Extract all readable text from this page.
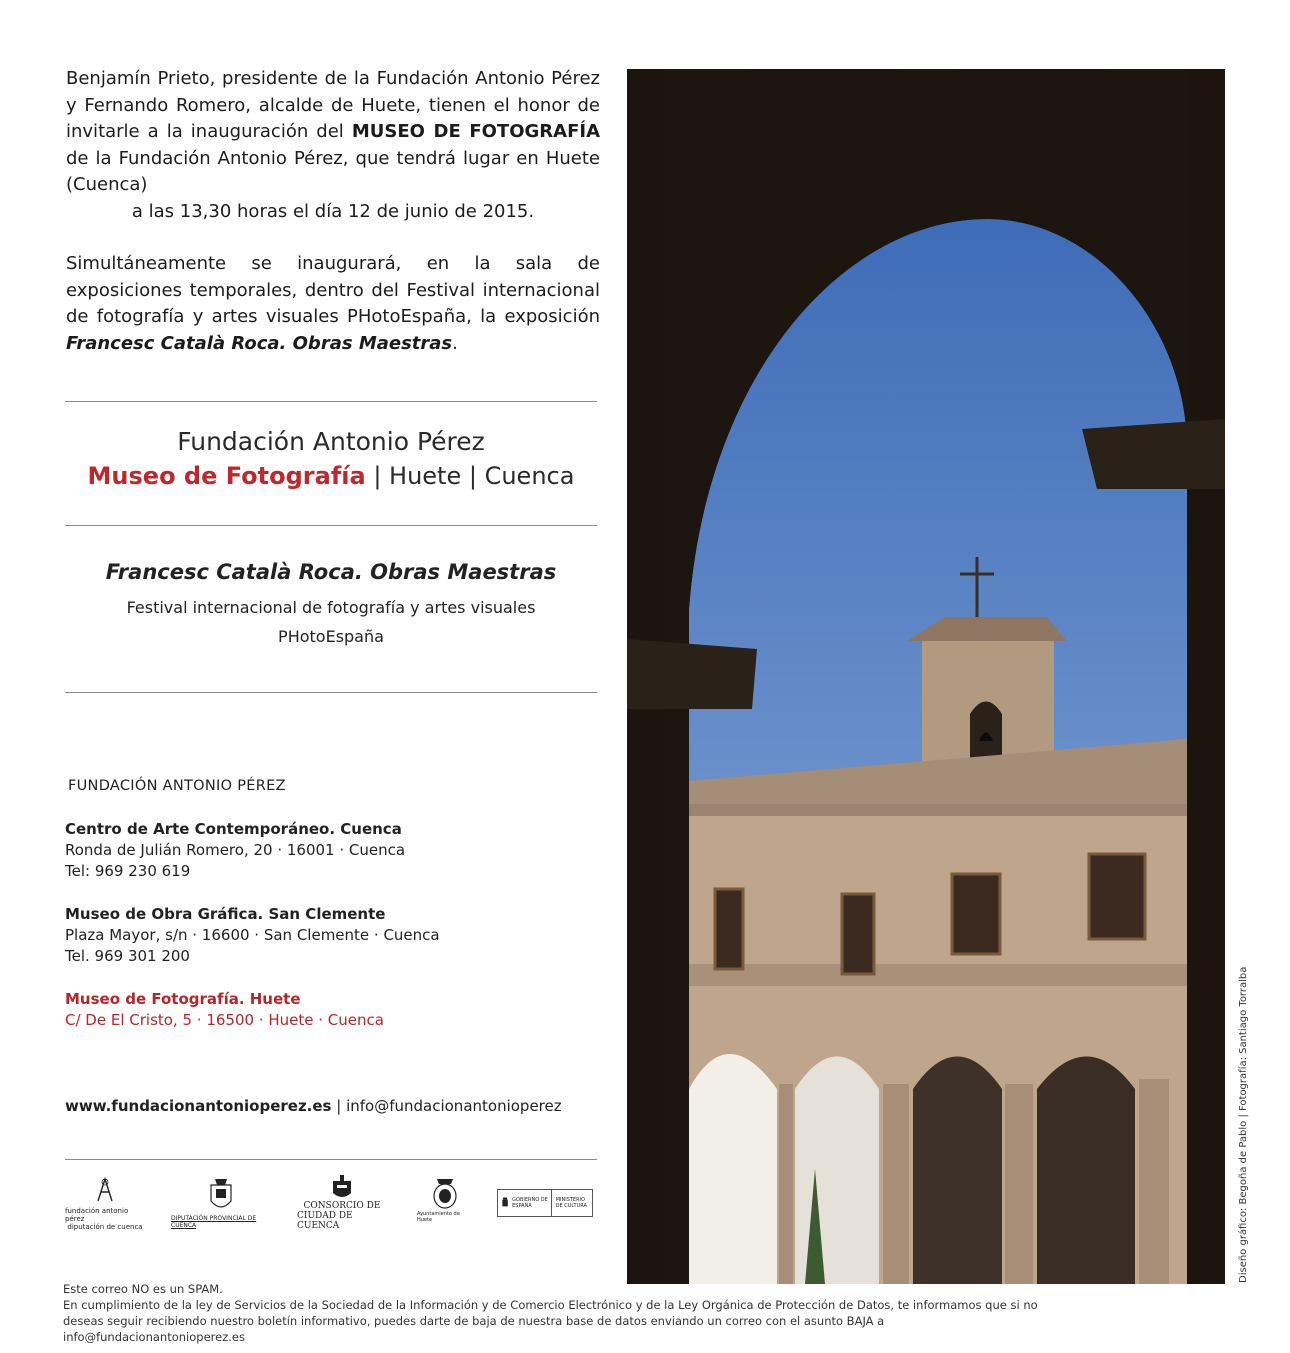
Benjamín Prieto, presidente de la Fundación Antonio Pérez y Fernando Romero, alcalde de Huete, tienen el honor de invitarle a la inauguración del MUSEO DE FOTOGRAFÍA de la Fundación Antonio Pérez, que tendrá lugar en Huete (Cuenca)
a las 13,30 horas el día 12 de junio de 2015.

Simultáneamente se inaugurará, en la sala de exposiciones temporales, dentro del Festival internacional de fotografía y artes visuales PHotoEspaña, la exposición Francesc Català Roca. Obras Maestras.

Fundación Antonio Pérez
Museo de Fotografía | Huete | Cuenca
Francesc Català Roca. Obras Maestras
Festival internacional de fotografía y artes visuales
PHotoEspaña
FUNDACIÓN ANTONIO PÉREZ
Centro de Arte Contemporáneo. Cuenca
Ronda de Julián Romero, 20 · 16001 · Cuenca
Tel: 969 230 619
Museo de Obra Gráfica. San Clemente
Plaza Mayor, s/n · 16600 · San Clemente · Cuenca
Tel. 969 301 200
Museo de Fotografía. Huete
C/ De El Cristo, 5 · 16500 · Huete · Cuenca
www.fundacionantonioperez.es | info@fundacionantonioperez
fundación antonio pérez
diputación de cuenca
DIPUTACIÓN PROVINCIAL DE CUENCA
CONSORCIO DE
CIUDAD DE CUENCA
Ayuntamiento de Huete
GOBIERNO DE ESPAÑA
MINISTERIO DE CULTURA
Este correo NO es un SPAM.
En cumplimiento de la ley de Servicios de la Sociedad de la Información y de Comercio Electrónico y de la Ley Orgánica de Protección de Datos, te informamos que si no
deseas seguir recibiendo nuestro boletín informativo, puedes darte de baja de nuestra base de datos enviando un correo con el asunto BAJA a info@fundacionantonioperez.es
Diseño gráfico: Begoña de Pablo | Fotografía: Santiago Torralba
